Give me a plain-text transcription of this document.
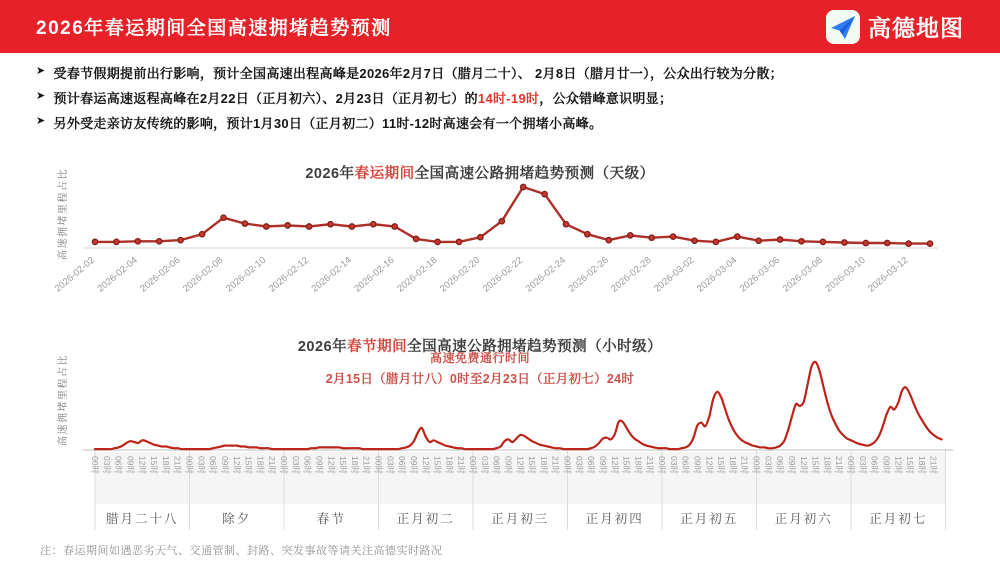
2026年春运期间全国高速拥堵趋势预测	高德地图
➤ 受春节假期提前出行影响，预计全国高速出程高峰是2026年2月7日（腊月二十）、 2月8日（腊月廿一），公众出行较为分散；
➤ 预计春运高速返程高峰在2月22日（正月初六）、2月23日（正月初七）的14时-19时，公众错峰意识明显；
➤ 另外受走亲访友传统的影响，预计1月30日（正月初二）11时-12时高速会有一个拥堵小高峰。
2026年春运期间全国高速公路拥堵趋势预测（天级）
高速拥堵里程占比
2026-02-02
2026-02-04
2026-02-06
2026-02-08
2026-02-10
2026-02-12
2026-02-14
2026-02-16
2026-02-18
2026-02-20
2026-02-22
2026-02-24
2026-02-26
2026-02-28
2026-03-02
2026-03-04
2026-03-06
2026-03-08
2026-03-10
2026-03-12
2026年春节期间全国高速公路拥堵趋势预测（小时级）
高速免费通行时间
2月15日（腊月廿八）0时至2月23日（正月初七）24时
高速拥堵里程占比
00时 03时 06时 09时 12时 15时 18时 21时 00时 03时 06时 09时 12时 15时 18时 21时 00时 03时 06时 09时 12时 15时 18时 21时 00时 03时 06时 09时 12时 15时 18时 21时 00时 03时 06时 09时 12时 15时 18时 21时 00时 03时 06时 09时 12时 15时 18时 21时 00时 03时 06时 09时 12时 15时 18时 21时 00时 03时 06时 09时 12时 15时 18时 21时 00时 03时 06时 09时 12时 15时 18时 21时
腊月二十八	除夕	春节	正月初二	正月初三	正月初四	正月初五	正月初六	正月初七
注：春运期间如遇恶劣天气、交通管制、封路、突发事故等请关注高德实时路况
